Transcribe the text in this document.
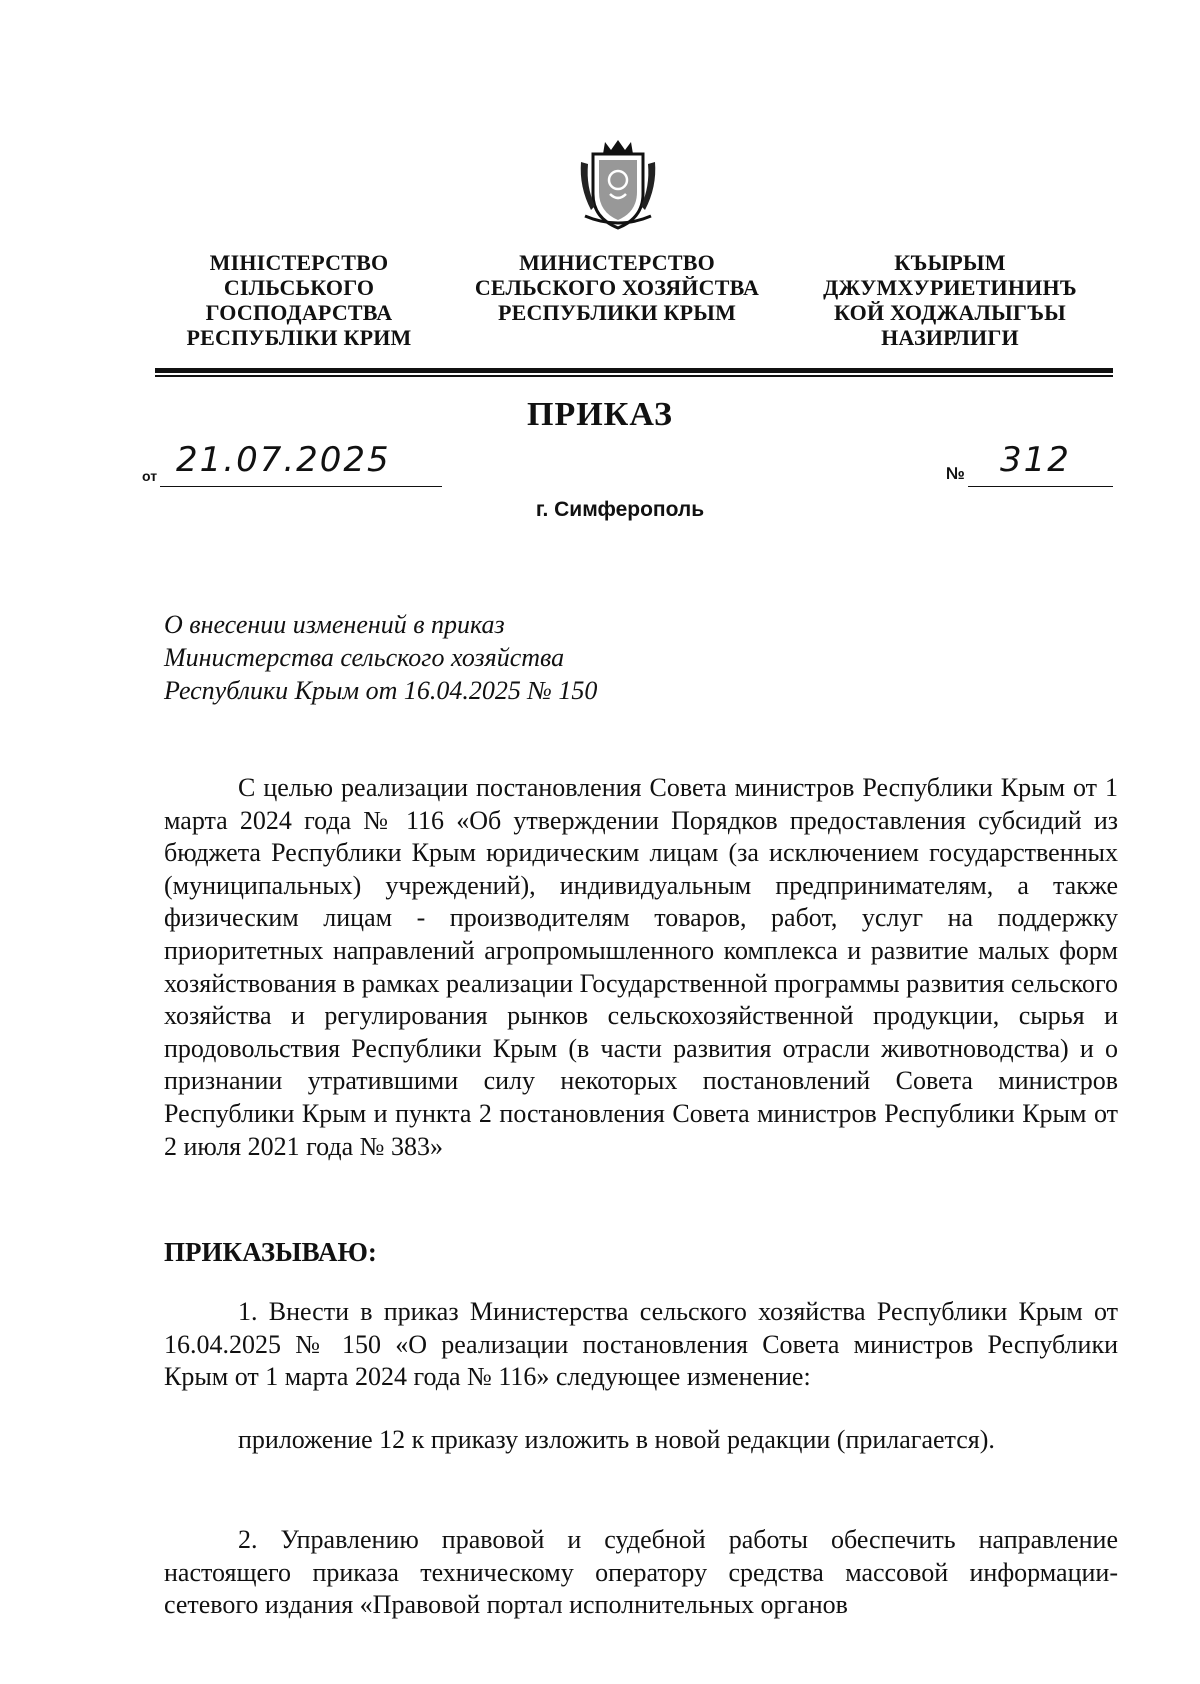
МІНІСТЕРСТВО
СІЛЬСЬКОГО
ГОСПОДАРСТВА
РЕСПУБЛІКИ КРИМ
МИНИСТЕРСТВО
СЕЛЬСКОГО ХОЗЯЙСТВА
РЕСПУБЛИКИ КРЫМ
КЪЫРЫМ
ДЖУМХУРИЕТИНИНЪ
КОЙ ХОДЖАЛЫГЪЫ
НАЗИРЛИГИ
ПРИКАЗ
от 21.07.2025	№ 312
г. Симферополь
О внесении изменений в приказ
Министерства сельского хозяйства
Республики Крым от 16.04.2025 № 150

С целью реализации постановления Совета министров Республики Крым от 1 марта 2024 года № 116 «Об утверждении Порядков предоставления субсидий из бюджета Республики Крым юридическим лицам (за исключением государственных (муниципальных) учреждений), индивидуальным предпринимателям, а также физическим лицам - производителям товаров, работ, услуг на поддержку приоритетных направлений агропромышленного комплекса и развитие малых форм хозяйствования в рамках реализации Государственной программы развития сельского хозяйства и регулирования рынков сельскохозяйственной продукции, сырья и продовольствия Республики Крым (в части развития отрасли животноводства) и о признании утратившими силу некоторых постановлений Совета министров Республики Крым и пункта 2 постановления Совета министров Республики Крым от 2 июля 2021 года № 383»

ПРИКАЗЫВАЮ:

1. Внести в приказ Министерства сельского хозяйства Республики Крым от 16.04.2025 № 150 «О реализации постановления Совета министров Республики Крым от 1 марта 2024 года № 116» следующее изменение:

приложение 12 к приказу изложить в новой редакции (прилагается).

2. Управлению правовой и судебной работы обеспечить направление настоящего приказа техническому оператору средства массовой информации- сетевого издания «Правовой портал исполнительных органов
